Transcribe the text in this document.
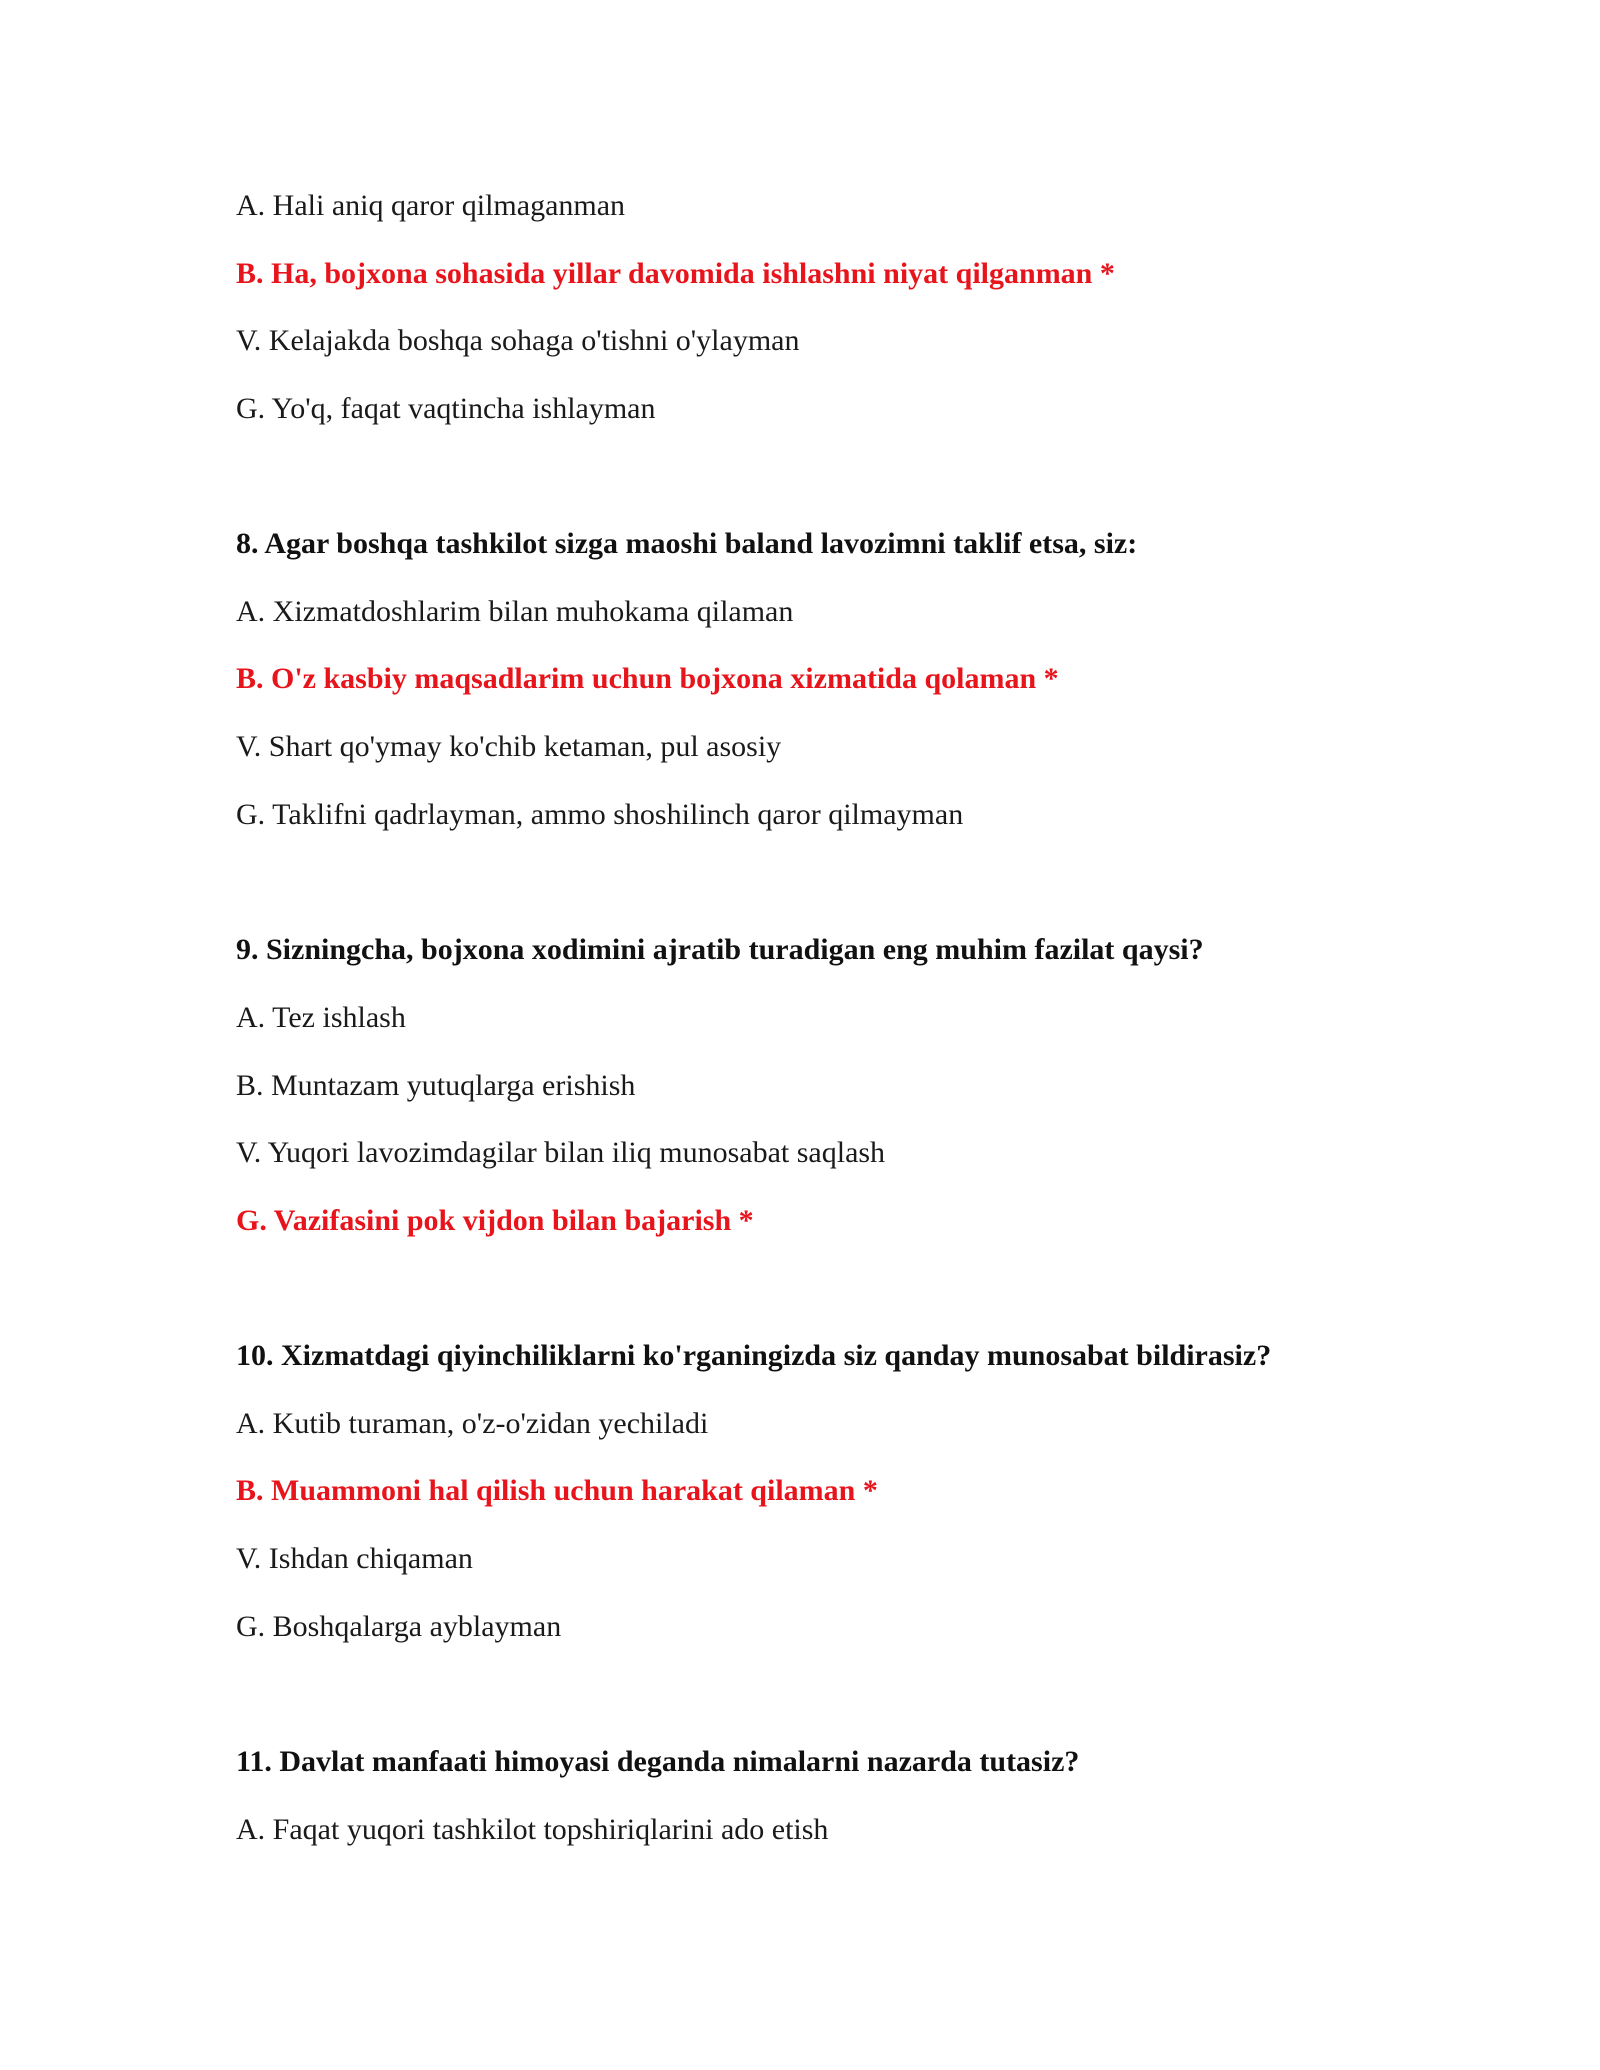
A. Hali aniq qaror qilmaganman
B. Ha, bojxona sohasida yillar davomida ishlashni niyat qilganman *
V. Kelajakda boshqa sohaga o'tishni o'ylayman
G. Yo'q, faqat vaqtincha ishlayman
8. Agar boshqa tashkilot sizga maoshi baland lavozimni taklif etsa, siz:
A. Xizmatdoshlarim bilan muhokama qilaman
B. O'z kasbiy maqsadlarim uchun bojxona xizmatida qolaman *
V. Shart qo'ymay ko'chib ketaman, pul asosiy
G. Taklifni qadrlayman, ammo shoshilinch qaror qilmayman
9. Sizningcha, bojxona xodimini ajratib turadigan eng muhim fazilat qaysi?
A. Tez ishlash
B. Muntazam yutuqlarga erishish
V. Yuqori lavozimdagilar bilan iliq munosabat saqlash
G. Vazifasini pok vijdon bilan bajarish *
10. Xizmatdagi qiyinchiliklarni ko'rganingizda siz qanday munosabat bildirasiz?
A. Kutib turaman, o'z-o'zidan yechiladi
B. Muammoni hal qilish uchun harakat qilaman *
V. Ishdan chiqaman
G. Boshqalarga ayblayman
11. Davlat manfaati himoyasi deganda nimalarni nazarda tutasiz?
A. Faqat yuqori tashkilot topshiriqlarini ado etish
